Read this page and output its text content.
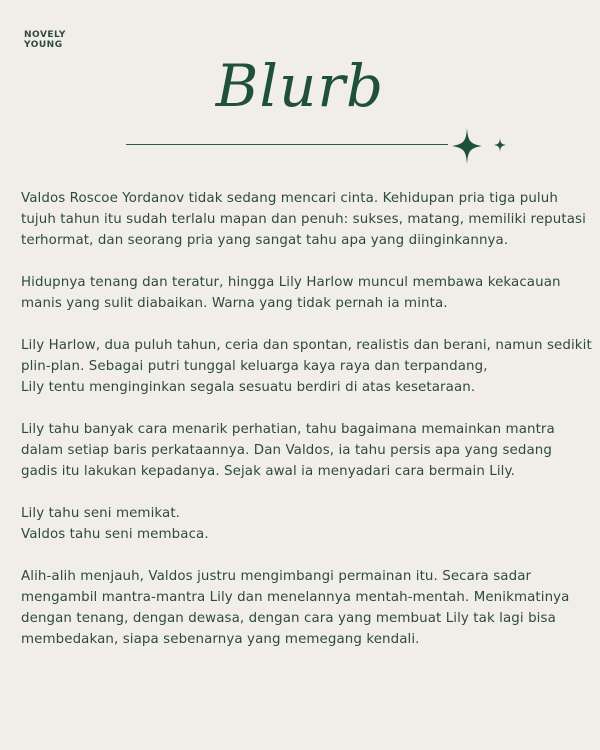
NOVELY
YOUNG
Blurb

Valdos Roscoe Yordanov tidak sedang mencari cinta. Kehidupan pria tiga puluh
tujuh tahun itu sudah terlalu mapan dan penuh: sukses, matang, memiliki reputasi
terhormat, dan seorang pria yang sangat tahu apa yang diinginkannya.

Hidupnya tenang dan teratur, hingga Lily Harlow muncul membawa kekacauan
manis yang sulit diabaikan. Warna yang tidak pernah ia minta.

Lily Harlow, dua puluh tahun, ceria dan spontan, realistis dan berani, namun sedikit
plin-plan. Sebagai putri tunggal keluarga kaya raya dan terpandang,
Lily tentu menginginkan segala sesuatu berdiri di atas kesetaraan.

Lily tahu banyak cara menarik perhatian, tahu bagaimana memainkan mantra
dalam setiap baris perkataannya. Dan Valdos, ia tahu persis apa yang sedang
gadis itu lakukan kepadanya. Sejak awal ia menyadari cara bermain Lily.

Lily tahu seni memikat.
Valdos tahu seni membaca.

Alih-alih menjauh, Valdos justru mengimbangi permainan itu. Secara sadar
mengambil mantra-mantra Lily dan menelannya mentah-mentah. Menikmatinya
dengan tenang, dengan dewasa, dengan cara yang membuat Lily tak lagi bisa
membedakan, siapa sebenarnya yang memegang kendali.
